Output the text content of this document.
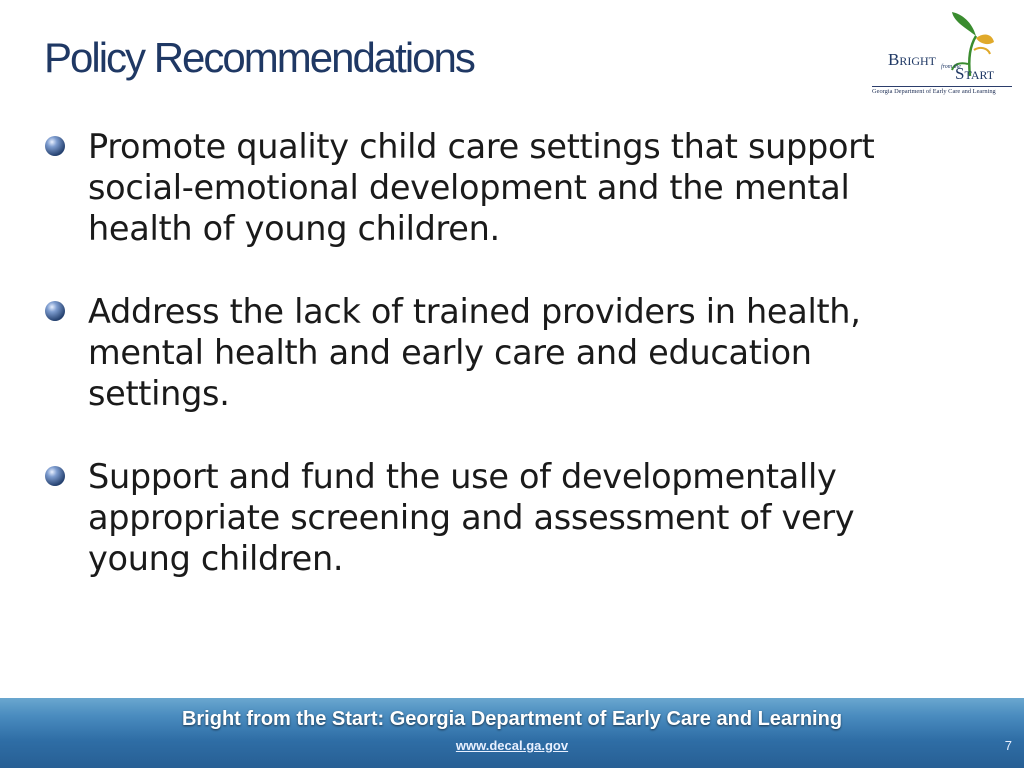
Policy Recommendations	Bright from the
Start
Georgia Department of Early Care and Learning
Promote quality child care settings that support social-emotional development and the mental health of young children.
Address the lack of trained providers in health, mental health and early care and education settings.
Support and fund the use of developmentally appropriate screening and assessment of very young children.
Bright from the Start: Georgia Department of Early Care and Learning
www.decal.ga.gov	7
